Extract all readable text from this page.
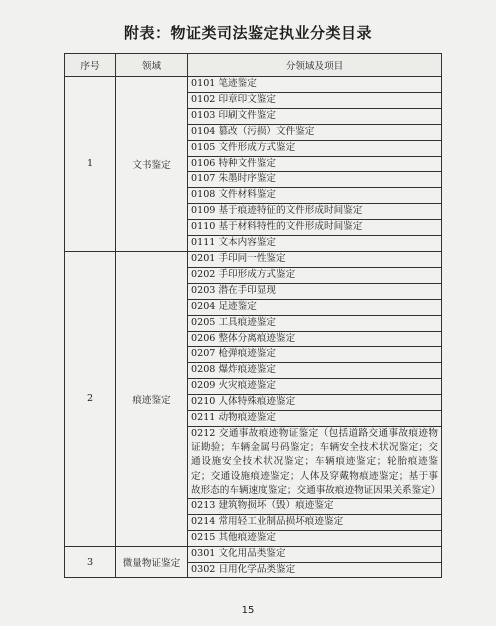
附表：物证类司法鉴定执业分类目录
序号	领域	分领域及项目
1	文书鉴定	0101 笔迹鉴定
		0102 印章印文鉴定
		0103 印刷文件鉴定
		0104 篡改（污损）文件鉴定
		0105 文件形成方式鉴定
		0106 特种文件鉴定
		0107 朱墨时序鉴定
		0108 文件材料鉴定
		0109 基于痕迹特征的文件形成时间鉴定
		0110 基于材料特性的文件形成时间鉴定
		0111 文本内容鉴定
2	痕迹鉴定	0201 手印同一性鉴定
		0202 手印形成方式鉴定
		0203 潜在手印显现
		0204 足迹鉴定
		0205 工具痕迹鉴定
		0206 整体分离痕迹鉴定
		0207 枪弹痕迹鉴定
		0208 爆炸痕迹鉴定
		0209 火灾痕迹鉴定
		0210 人体特殊痕迹鉴定
		0211 动物痕迹鉴定
		0212 交通事故痕迹物证鉴定（包括道路交通事故痕迹物证勘验；车辆金属号码鉴定；车辆安全技术状况鉴定；交通设施安全技术状况鉴定；车辆痕迹鉴定；轮胎痕迹鉴定；交通设施痕迹鉴定；人体及穿戴物痕迹鉴定；基于事故形态的车辆速度鉴定；交通事故痕迹物证因果关系鉴定）
		0213 建筑物损坏（毁）痕迹鉴定
		0214 常用轻工业制品损坏痕迹鉴定
		0215 其他痕迹鉴定
3	微量物证鉴定	0301 文化用品类鉴定
		0302 日用化学品类鉴定
15
